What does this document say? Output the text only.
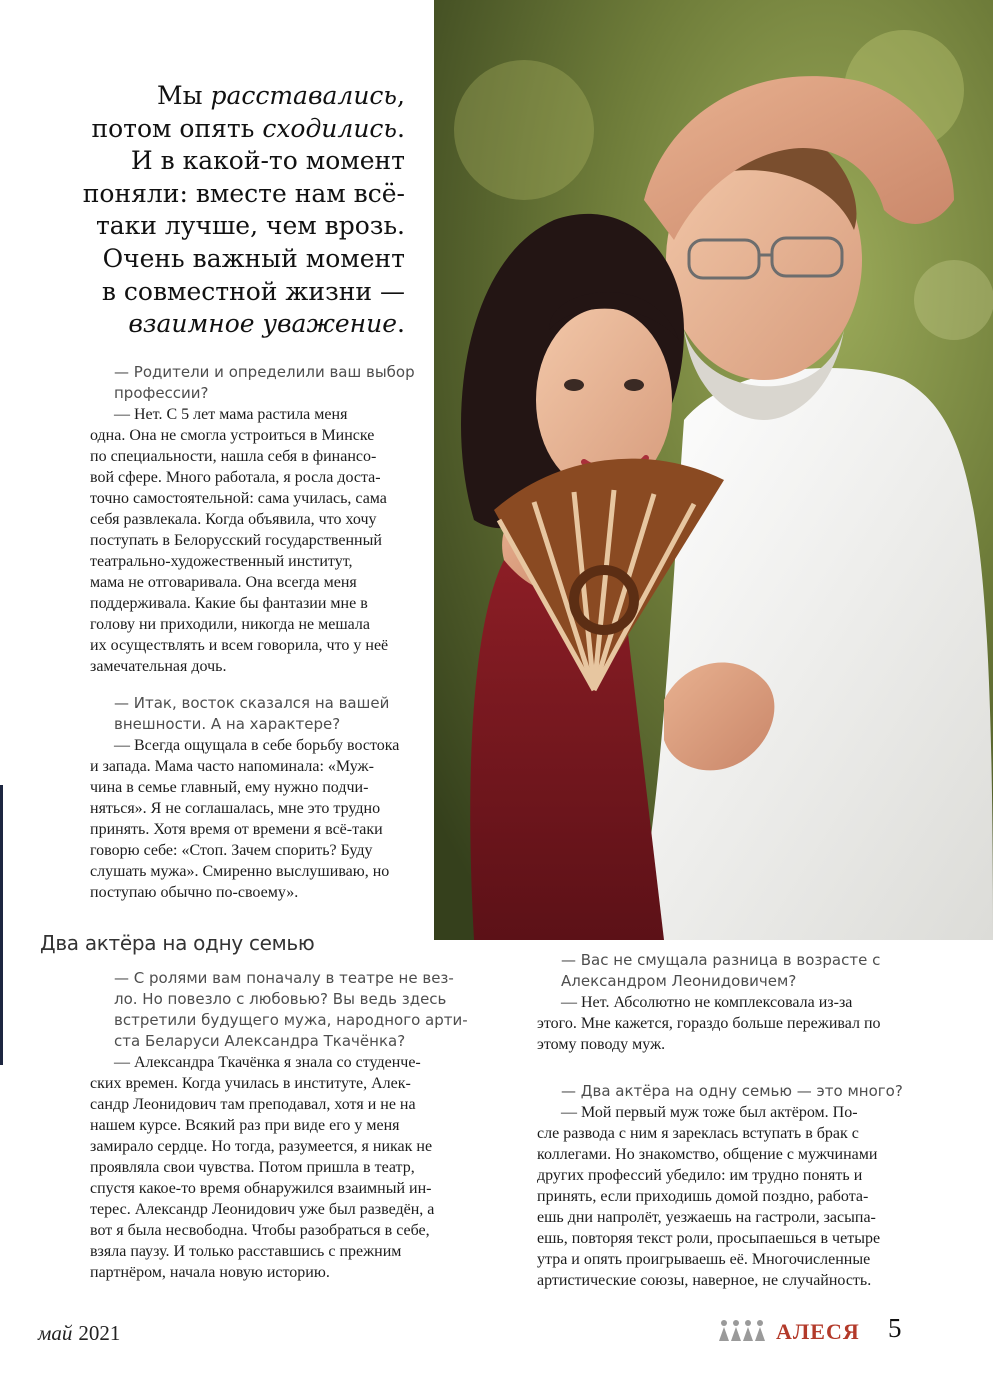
Мы расставались,
потом опять сходились.
И в какой-то момент
поняли: вместе нам всё-
таки лучше, чем врозь.
Очень важный момент
в совместной жизни —
взаимное уважение.
— Родители и определили ваш выбор
профессии?
— Нет. С 5 лет мама растила меня
одна. Она не смогла устроиться в Минске
по специальности, нашла себя в финансо-
вой сфере. Много работала, я росла доста-
точно самостоятельной: сама училась, сама
себя развлекала. Когда объявила, что хочу
поступать в Белорусский государственный
театрально-художественный институт,
мама не отговаривала. Она всегда меня
поддерживала. Какие бы фантазии мне в
голову ни приходили, никогда не мешала
их осуществлять и всем говорила, что у неё
замечательная дочь.
— Итак, восток сказался на вашей
внешности. А на характере?
— Всегда ощущала в себе борьбу востока
и запада. Мама часто напоминала: «Муж-
чина в семье главный, ему нужно подчи-
няться». Я не соглашалась, мне это трудно
принять. Хотя время от времени я всё-таки
говорю себе: «Стоп. Зачем спорить? Буду
слушать мужа». Смиренно выслушиваю, но
поступаю обычно по-своему».
Два актёра на одну семью
— С ролями вам поначалу в театре не вез-
ло. Но повезло с любовью? Вы ведь здесь
встретили будущего мужа, народного арти-
ста Беларуси Александра Ткачёнка?
— Александра Ткачёнка я знала со студенче-
ских времен. Когда училась в институте, Алек-
сандр Леонидович там преподавал, хотя и не на
нашем курсе. Всякий раз при виде его у меня
замирало сердце. Но тогда, разумеется, я никак не
проявляла свои чувства. Потом пришла в театр,
спустя какое-то время обнаружился взаимный ин-
терес. Александр Леонидович уже был разведён, а
вот я была несвободна. Чтобы разобраться в себе,
взяла паузу. И только расставшись с прежним
партнёром, начала новую историю.
— Вас не смущала разница в возрасте с
Александром Леонидовичем?
— Нет. Абсолютно не комплексовала из-за
этого. Мне кажется, гораздо больше переживал по
этому поводу муж.
— Два актёра на одну семью — это много?
— Мой первый муж тоже был актёром. По-
сле развода с ним я зареклась вступать в брак с
коллегами. Но знакомство, общение с мужчинами
других профессий убедило: им трудно понять и
принять, если приходишь домой поздно, работа-
ешь дни напролёт, уезжаешь на гастроли, засыпа-
ешь, повторяя текст роли, просыпаешься в четыре
утра и опять проигрываешь её. Многочисленные
артистические союзы, наверное, не случайность.
май 2021	АЛЕСЯ 5
